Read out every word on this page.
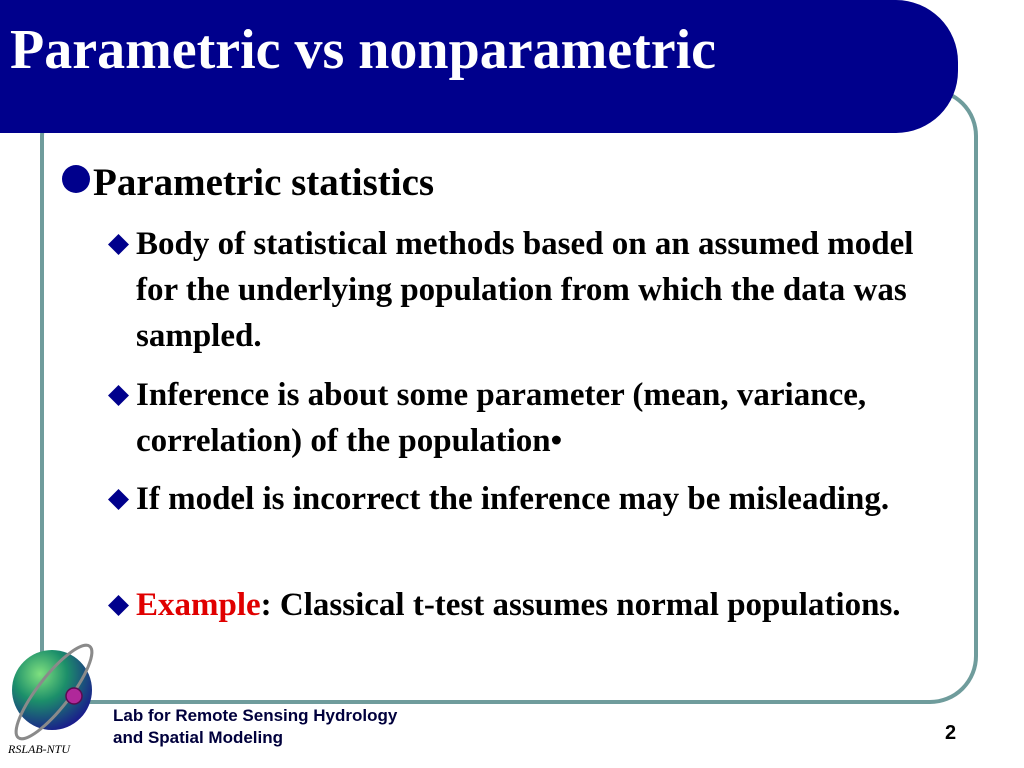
Parametric vs nonparametric
Parametric statistics
Body of statistical methods based on an assumed model for the underlying population from which the data was sampled.
Inference is about some parameter (mean, variance, correlation) of the population•
If model is incorrect the inference may be misleading.
Example: Classical t-test assumes normal populations.
RSLAB-NTU
Lab for Remote Sensing Hydrology
and Spatial Modeling	2
